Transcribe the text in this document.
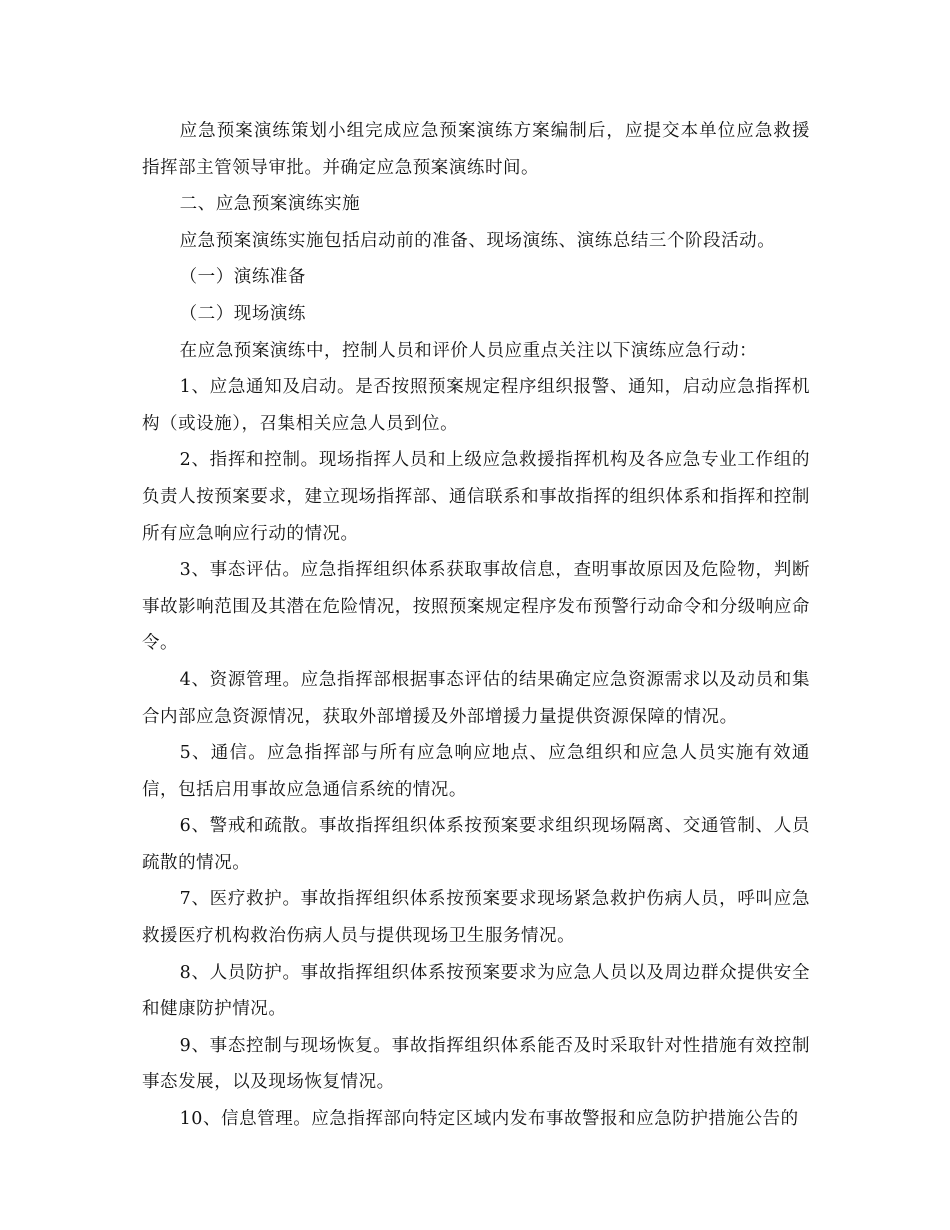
应急预案演练策划小组完成应急预案演练方案编制后，应提交本单位应急救援指挥部主管领导审批。并确定应急预案演练时间。

二、应急预案演练实施

应急预案演练实施包括启动前的准备、现场演练、演练总结三个阶段活动。

（一）演练准备

（二）现场演练

在应急预案演练中，控制人员和评价人员应重点关注以下演练应急行动：

1、应急通知及启动。是否按照预案规定程序组织报警、通知，启动应急指挥机构（或设施），召集相关应急人员到位。

2、指挥和控制。现场指挥人员和上级应急救援指挥机构及各应急专业工作组的负责人按预案要求，建立现场指挥部、通信联系和事故指挥的组织体系和指挥和控制所有应急响应行动的情况。

3、事态评估。应急指挥组织体系获取事故信息，查明事故原因及危险物，判断事故影响范围及其潜在危险情况，按照预案规定程序发布预警行动命令和分级响应命令。

4、资源管理。应急指挥部根据事态评估的结果确定应急资源需求以及动员和集合内部应急资源情况，获取外部增援及外部增援力量提供资源保障的情况。

5、通信。应急指挥部与所有应急响应地点、应急组织和应急人员实施有效通信，包括启用事故应急通信系统的情况。

6、警戒和疏散。事故指挥组织体系按预案要求组织现场隔离、交通管制、人员疏散的情况。

7、医疗救护。事故指挥组织体系按预案要求现场紧急救护伤病人员，呼叫应急救援医疗机构救治伤病人员与提供现场卫生服务情况。

8、人员防护。事故指挥组织体系按预案要求为应急人员以及周边群众提供安全和健康防护情况。

9、事态控制与现场恢复。事故指挥组织体系能否及时采取针对性措施有效控制事态发展，以及现场恢复情况。

10、信息管理。应急指挥部向特定区域内发布事故警报和应急防护措施公告的
